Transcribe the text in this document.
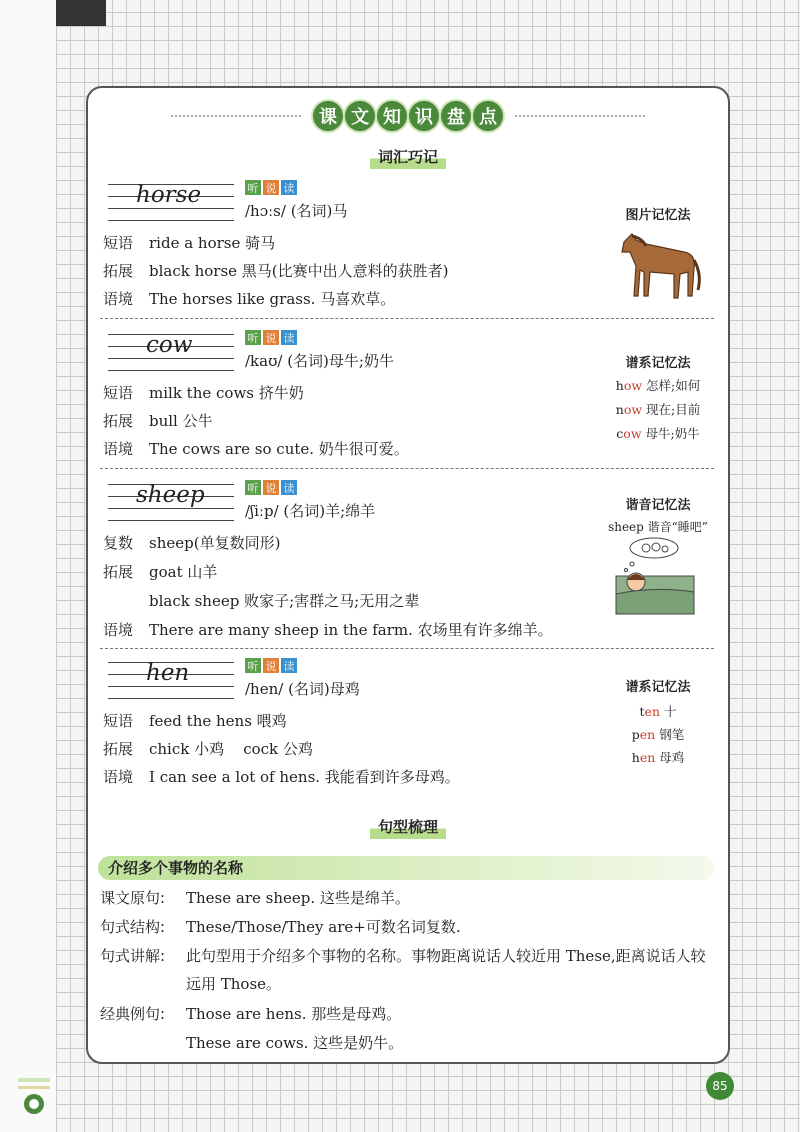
课 文 知 识 盘 点
词汇巧记
horse	听 说 读
/hɔːs/ (名词)马
短语 ride a horse 骑马
拓展 black horse 黑马(比赛中出人意料的获胜者)
语境 The horses like grass. 马喜欢草。
图片记忆法
cow	听 说 读
/kaʊ/ (名词)母牛;奶牛
短语 milk the cows 挤牛奶
拓展 bull 公牛
语境 The cows are so cute. 奶牛很可爱。
谱系记忆法
how 怎样;如何
now 现在;目前
cow 母牛;奶牛
sheep	听 说 读
/ʃiːp/ (名词)羊;绵羊
复数 sheep(单复数同形)
拓展 goat 山羊
black sheep 败家子;害群之马;无用之辈
语境 There are many sheep in the farm. 农场里有许多绵羊。
谐音记忆法
sheep 谐音“睡吧”
hen	听 说 读
/hen/ (名词)母鸡
短语 feed the hens 喂鸡
拓展 chick 小鸡    cock 公鸡
语境 I can see a lot of hens. 我能看到许多母鸡。
谱系记忆法
ten 十
pen 钢笔
hen 母鸡
句型梳理
介绍多个事物的名称
课文原句: These are sheep. 这些是绵羊。
句式结构: These/Those/They are+可数名词复数.
句式讲解:	此句型用于介绍多个事物的名称。事物距离说话人较近用 These,距离说话人较远用 Those。
经典例句: Those are hens. 那些是母鸡。
These are cows. 这些是奶牛。
85
